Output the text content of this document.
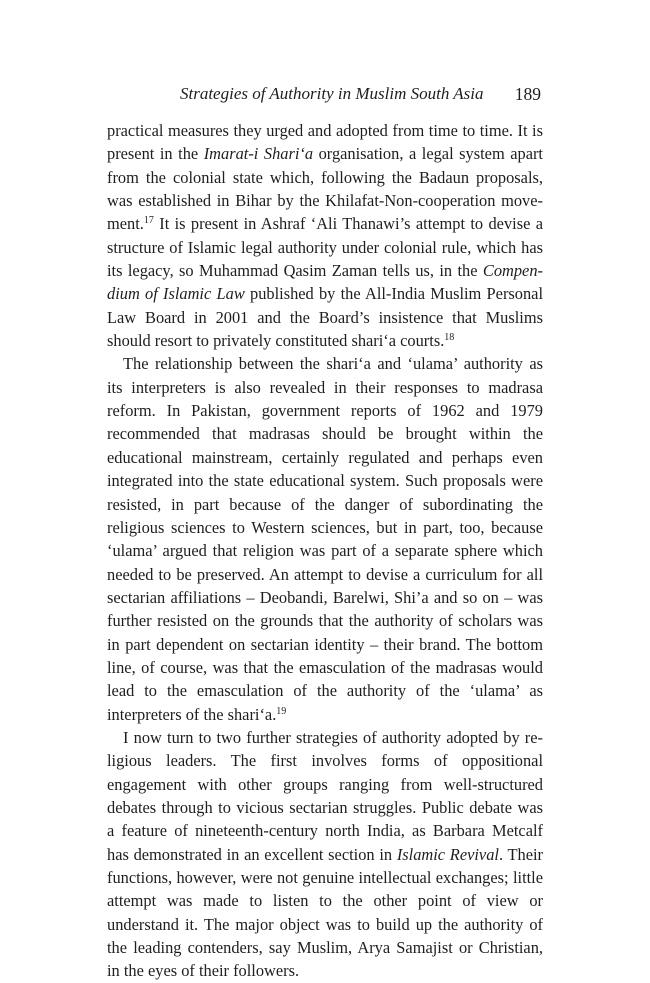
Strategies of Authority in Muslim South Asia 189

practical measures they urged and adopted from time to time. It is present in the Imarat-i Shari‘a organisation, a legal system apart from the colonial state which, following the Badaun proposals, was established in Bihar by the Khilafat-Non-cooperation movement.$^{17}$ It is present in Ashraf ‘Ali Thanawi’s attempt to devise a structure of Islamic legal authority under colonial rule, which has its legacy, so Muhammad Qasim Zaman tells us, in the Compendium of Islamic Law published by the All-India Muslim Personal Law Board in 2001 and the Board’s insistence that Muslims should resort to privately constituted shari‘a courts.$^{18}$

The relationship between the shari‘a and ‘ulama’ authority as its interpreters is also revealed in their responses to madrasa reform. In Pakistan, government reports of 1962 and 1979 recommended that madrasas should be brought within the educational mainstream, certainly regulated and perhaps even integrated into the state educational system. Such proposals were resisted, in part because of the danger of subordinating the religious sciences to Western sciences, but in part, too, because ‘ulama’ argued that religion was part of a separate sphere which needed to be preserved. An attempt to devise a curriculum for all sectarian affiliations – Deobandi, Barelwi, Shi’a and so on – was further resisted on the grounds that the authority of scholars was in part dependent on sectarian identity – their brand. The bottom line, of course, was that the emasculation of the madrasas would lead to the emasculation of the authority of the ‘ulama’ as interpreters of the shari‘a.$^{19}$

I now turn to two further strategies of authority adopted by religious leaders. The first involves forms of oppositional engagement with other groups ranging from well-structured debates through to vicious sectarian struggles. Public debate was a feature of nineteenth-century north India, as Barbara Metcalf has demonstrated in an excellent section in Islamic Revival. Their functions, however, were not genuine intellectual exchanges; little attempt was made to listen to the other point of view or understand it. The major object was to build up the authority of the leading contenders, say Muslim, Arya Samajist or Christian, in the eyes of their followers.
